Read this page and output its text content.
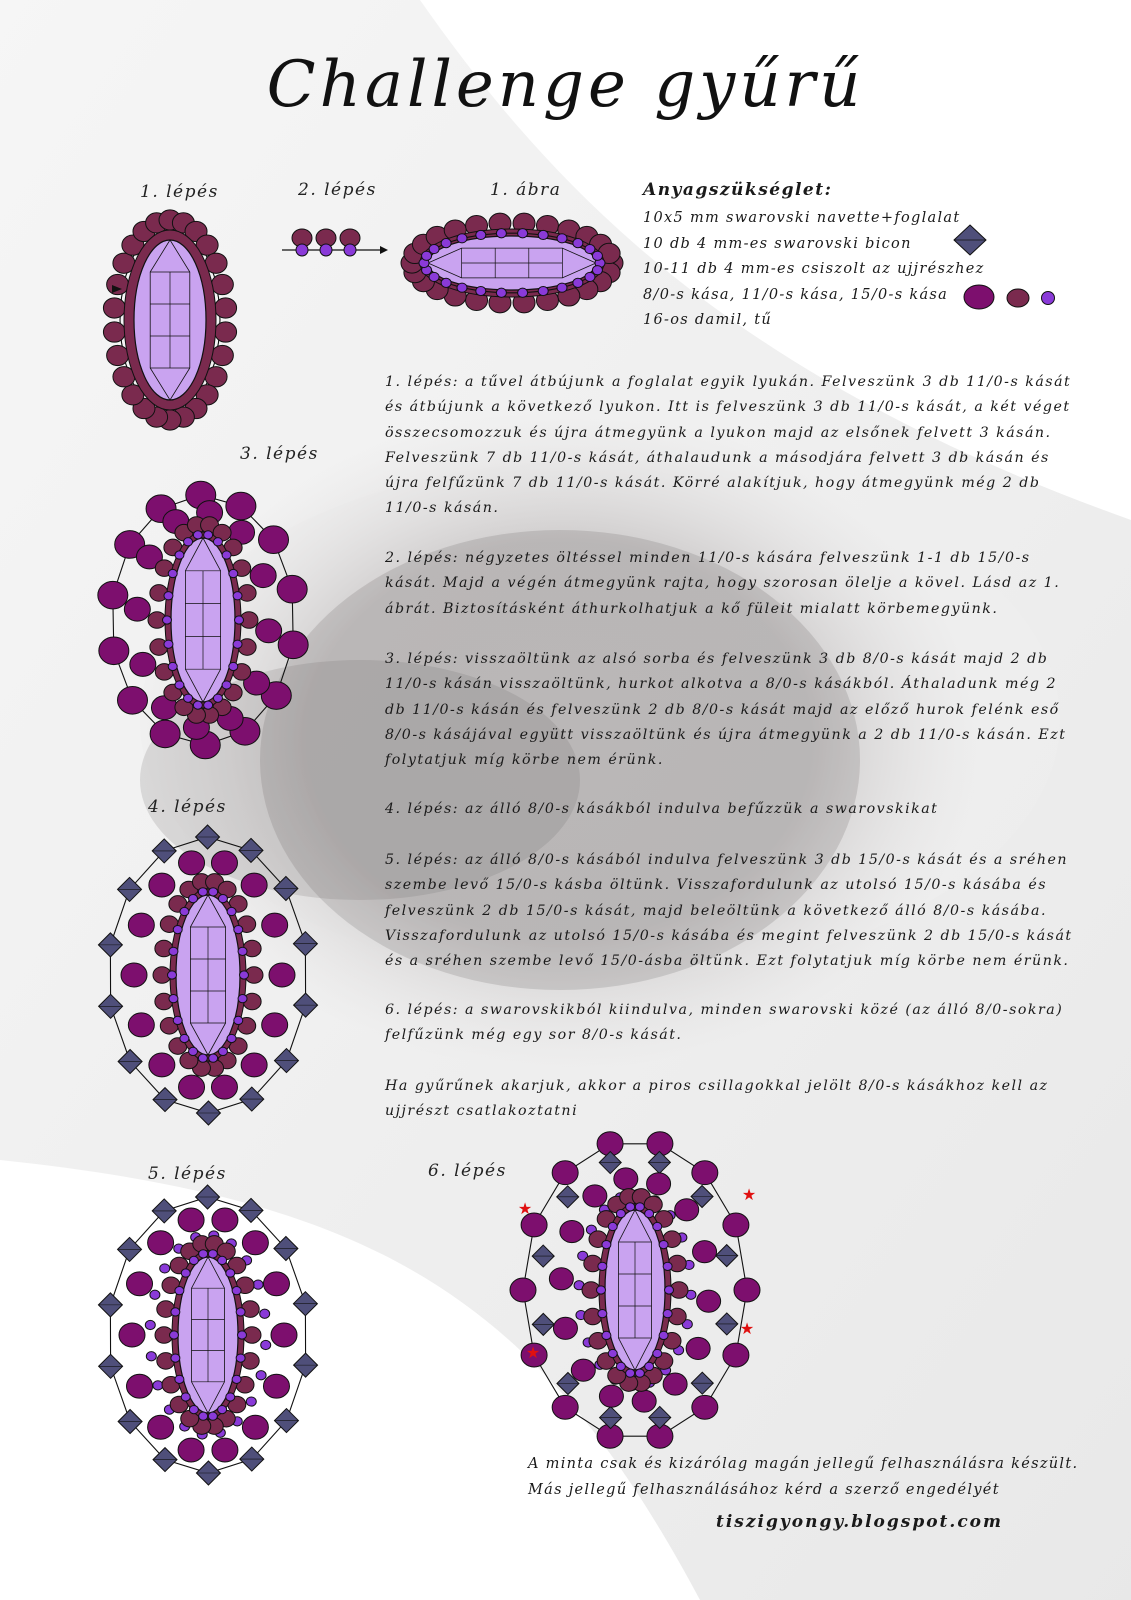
Challenge gyűrű
1. lépés	2. lépés	1. ábra
3. lépés
4. lépés
5. lépés	6. lépés
Anyagszükséglet:
10x5 mm swarovski navette+foglalat
10 db 4 mm-es swarovski bicon
10-11 db 4 mm-es csiszolt az ujjrészhez
8/0-s kása, 11/0-s kása, 15/0-s kása
16-os damil, tű
1. lépés: a tűvel átbújunk a foglalat egyik lyukán. Felveszünk 3 db 11/0-s kását és átbújunk a következő lyukon. Itt is felveszünk 3 db 11/0-s kását, a két véget összecsomozzuk és újra átmegyünk a lyukon majd az elsőnek felvett 3 kásán. Felveszünk 7 db 11/0-s kását, áthalaudunk a másodjára felvett 3 db kásán és újra felfűzünk 7 db 11/0-s kását. Körré alakítjuk, hogy átmegyünk még 2 db 11/0-s kásán.
2. lépés: négyzetes öltéssel minden 11/0-s kására felveszünk 1-1 db 15/0-s kását. Majd a végén átmegyünk rajta, hogy szorosan ölelje a kövel. Lásd az 1. ábrát. Biztosításként áthurkolhatjuk a kő füleit mialatt körbemegyünk.
3. lépés: visszaöltünk az alsó sorba és felveszünk 3 db 8/0-s kását majd 2 db 11/0-s kásán visszaöltünk, hurkot alkotva a 8/0-s kásákból. Áthaladunk még 2 db 11/0-s kásán és felveszünk 2 db 8/0-s kását majd az előző hurok felénk eső 8/0-s kásájával együtt visszaöltünk és újra átmegyünk a 2 db 11/0-s kásán. Ezt folytatjuk míg körbe nem érünk.
4. lépés: az álló 8/0-s kásákból indulva befűzzük a swarovskikat
5. lépés: az álló 8/0-s kásából indulva felveszünk 3 db 15/0-s kását és a sréhen szembe levő 15/0-s kásba öltünk. Visszafordulunk az utolsó 15/0-s kásába és felveszünk 2 db 15/0-s kását, majd beleöltünk a következő álló 8/0-s kásába. Visszafordulunk az utolsó 15/0-s kásába és megint felveszünk 2 db 15/0-s kását és a sréhen szembe levő 15/0-ásba öltünk. Ezt folytatjuk míg körbe nem érünk.
6. lépés: a swarovskikból kiindulva, minden swarovski közé (az álló 8/0-sokra) felfűzünk még egy sor 8/0-s kását.
Ha gyűrűnek akarjuk, akkor a piros csillagokkal jelölt 8/0-s kásákhoz kell az ujjrészt csatlakoztatni
A minta csak és kizárólag magán jellegű felhasználásra készült. Más jellegű felhasználásához kérd a szerző engedélyét
tiszigyongy.blogspot.com
★
★
★
★
